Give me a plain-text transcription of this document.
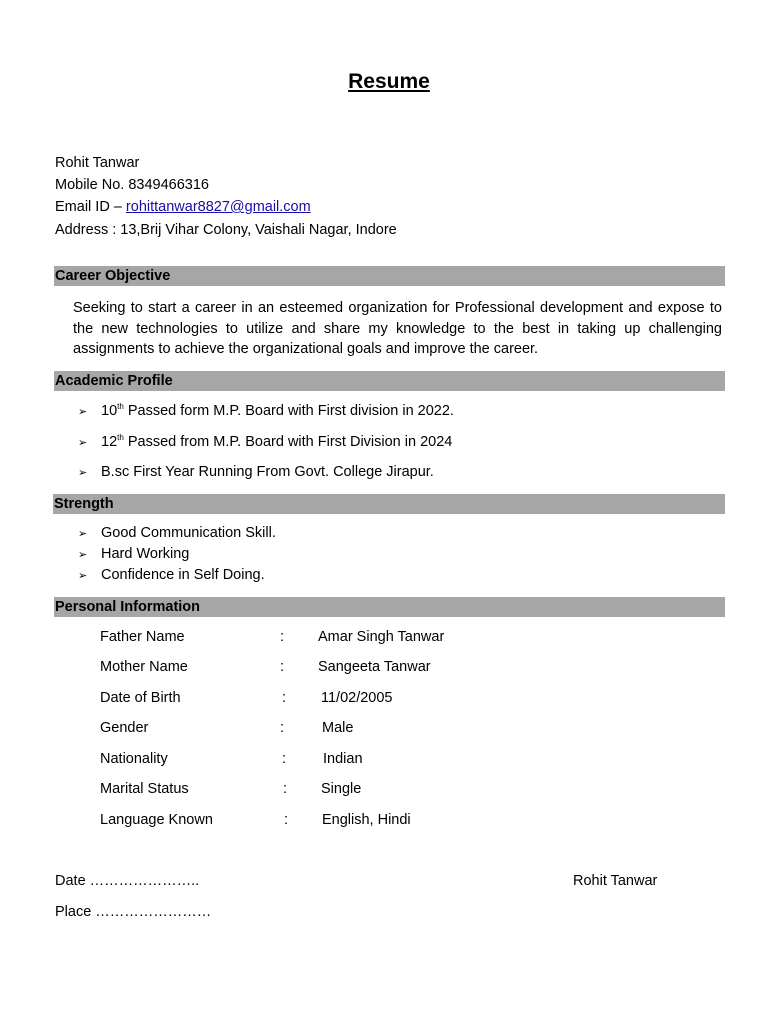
Resume
Rohit Tanwar
Mobile No. 8349466316
Email ID – rohittanwar8827@gmail.com
Address : 13,Brij Vihar Colony, Vaishali Nagar, Indore
Career Objective
Seeking to start a career in an esteemed organization for Professional development and expose to the new technologies to utilize and share my knowledge to the best in taking up challenging assignments to achieve the organizational goals and improve the career.
Academic Profile
➢ 10th Passed form M.P. Board with First division in 2022.
➢ 12th Passed from M.P. Board with First Division in 2024
➢ B.sc First Year Running From Govt. College Jirapur.
Strength
➢ Good Communication Skill.
➢ Hard Working
➢ Confidence in Self Doing.
Personal Information
Father Name	: Amar Singh Tanwar
Mother Name	: Sangeeta Tanwar
Date of Birth	: 11/02/2005
Gender	:	Male
Nationality	:	Indian
Marital Status	: Single
Language Known	: English, Hindi
Date …………………..	Rohit Tanwar
Place ……………………
